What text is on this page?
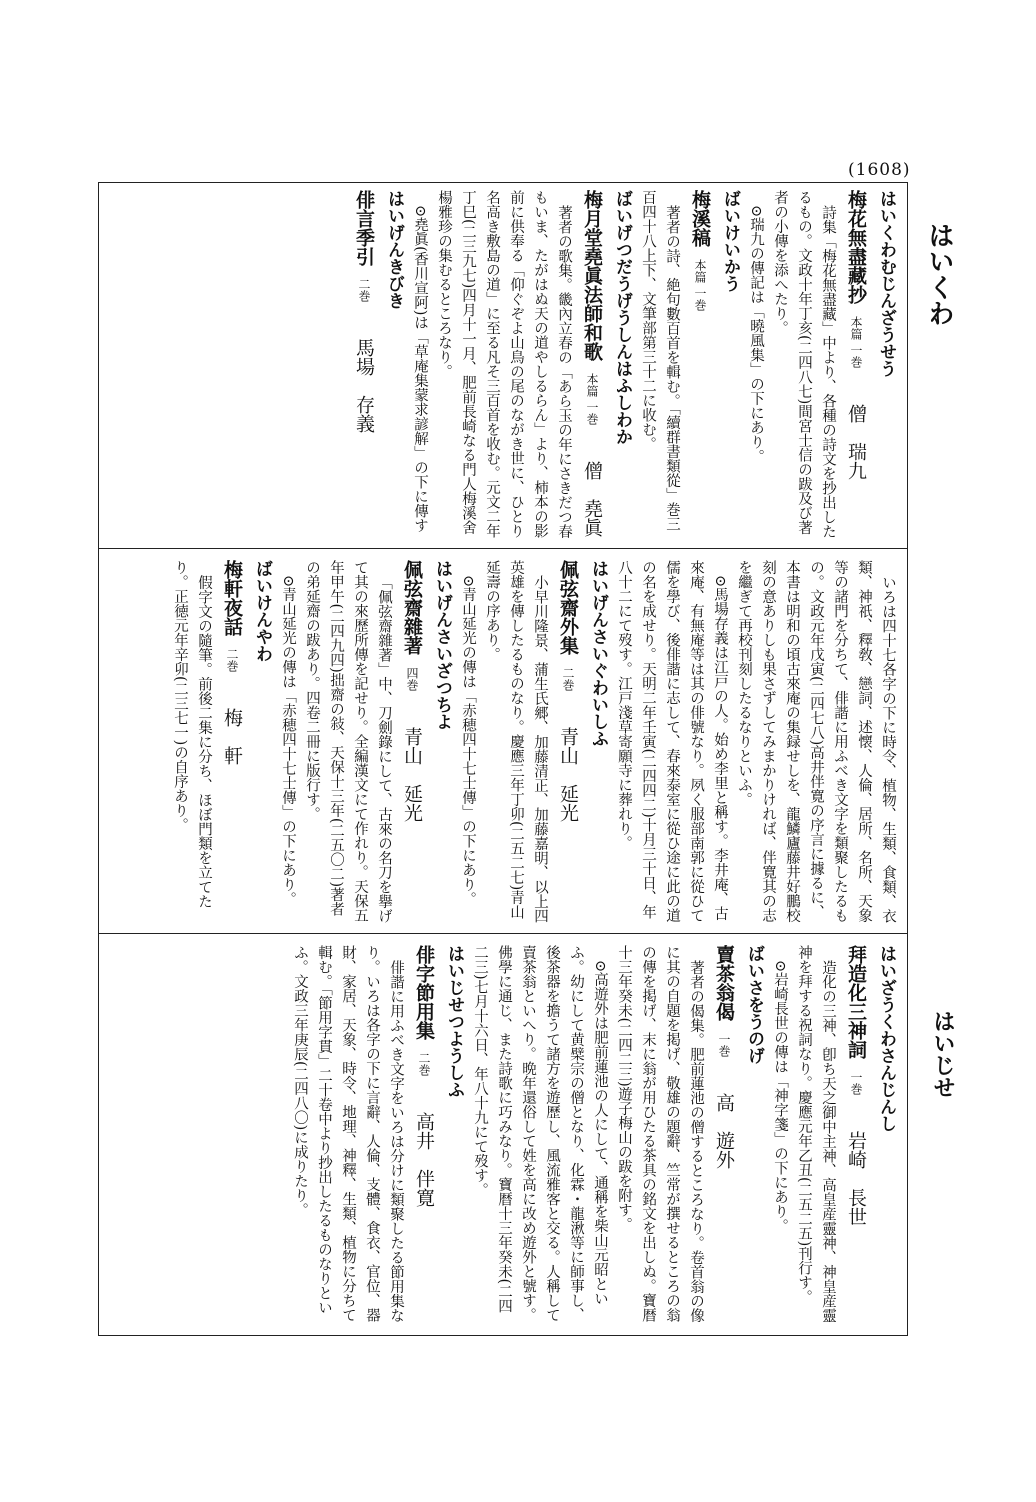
(1608)
はいくわ
はいじせ
はいくわむじんざうせう
梅花無盡藏抄本篇 一巻僧　瑞九
詩集「梅花無盡藏」中より、各種の詩文を抄出したるもの。文政十年丁亥(二四八七)間宮士信の跋及び著者の小傳を添へたり。
⊙瑞九の傳記は「曉風集」の下にあり。
ばいけいかう
梅溪稿本篇 一巻
著者の詩、絶句數百首を輯む。「續群書類從」巻三百四十八上下、文筆部第三十二に收む。
ばいげつだうげうしんはふしわか
梅月堂堯眞法師和歌本篇 一巻僧　堯眞
著者の歌集。畿內立春の「あら玉の年にさきだつ春もいま、たがはぬ天の道やしるらん」より、柿本の影前に供奉る「仰ぐぞよ山鳥の尾のながき世に、ひとり名高き敷島の道」に至る凡そ三百首を收む。元文二年丁巳(二三九七)四月十一月、肥前長崎なる門人梅溪舍楊雅珍の集むるところなり。
⊙堯眞(香川宣阿)は「草庵集蒙求諺解」の下に傳す
はいげんきびき
俳言季引二巻馬場　存義
いろは四十七各字の下に時令、植物、生類、食類、衣類、神祇、釋敎、戀詞、述懐、人倫、居所、名所、天象等の諸門を分ちて、俳諧に用ふべき文字を類聚したるもの。文政元年戊寅(二四七八)高井伴寛の序言に據るに、本書は明和の頃古來庵の集録せしを、龍鱗廬藤井好鵬校刻の意ありしも果さずしてみまかりければ、伴寛其の志を繼ぎて再校刊刻したるなりといふ。
⊙馬場存義は江戸の人。始め李里と稱す。李井庵、古來庵、有無庵等は其の俳號なり。夙く服部南郭に從ひて儒を學び、後俳諧に志して、春來泰室に從ひ途に此の道の名を成せり。天明二年壬寅(二四四二)十月三十日、年八十二にて歿す。江戸淺草寄願寺に葬れり。
はいげんさいぐわいしふ
佩弦齋外集二巻青山　延光
小早川隆景、蒲生氏郷、加藤清正、加藤嘉明、以上四英雄を傳したるものなり。慶應三年丁卯(二五二七)青山延壽の序あり。
⊙青山延光の傳は「赤穂四十七士傳」の下にあり。
はいげんさいざつちよ
佩弦齋雜著四巻青山　延光
「佩弦齋雜著」中、刀劍錄にして、古來の名刀を擧げて其の來歷所傳を記せり。全編漢文にて作れり。天保五年甲午(二四九四)拙齋の敍、天保十三年(二五〇二)著者の弟延齋の跋あり。四卷二冊に版行す。
⊙青山延光の傳は「赤穂四十七士傳」の下にあり。
ばいけんやわ
梅軒夜話二巻梅　軒
假字文の隨筆。前後二集に分ち、ほぼ門類を立てたり。正徳元年辛卯(二三七一)の自序あり。
はいざうくわさんじんし
拜造化三神詞一巻岩崎　長世
造化の三神、卽ち天之御中主神、高皇産靈神、神皇産靈神を拜する祝詞なり。慶應元年乙丑(二五二五)刊行す。
⊙岩崎長世の傳は「神字箋」の下にあり。
ばいさをうのげ
賣茶翁偈一巻高　遊外
著者の偈集。肥前蓮池の僧するところなり。卷首翁の像に其の自題を掲げ、敬雄の題辭、竺常が撰せるところの翁の傳を掲げ、末に翁が用ひたる茶具の銘文を出しぬ。寶暦十三年癸未(二四二三)遊子梅山の跋を附す。
⊙高遊外は肥前蓮池の人にして、通稱を柴山元昭といふ。幼にして黄檗宗の僧となり、化霖・龍湫等に師事し、後茶器を擔うて諸方を遊歷し、風流雅客と交る。人稱して賣茶翁といへり。晩年還俗して姓を高に改め遊外と號す。佛學に通じ、また詩歌に巧みなり。寶暦十三年癸未(二四二三)七月十六日、年八十九にて歿す。
はいじせつようしふ
俳字節用集二巻高井　伴寛
俳諧に用ふべき文字をいろは分けに類聚したる節用集なり。いろは各字の下に言辭、人倫、支體、食衣、官位、器財、家居、天象、時令、地理、神釋、生類、植物に分ちて輯む。「節用字貫」二十卷中より抄出したるものなりといふ。文政三年庚辰(二四八〇)に成りたり。
